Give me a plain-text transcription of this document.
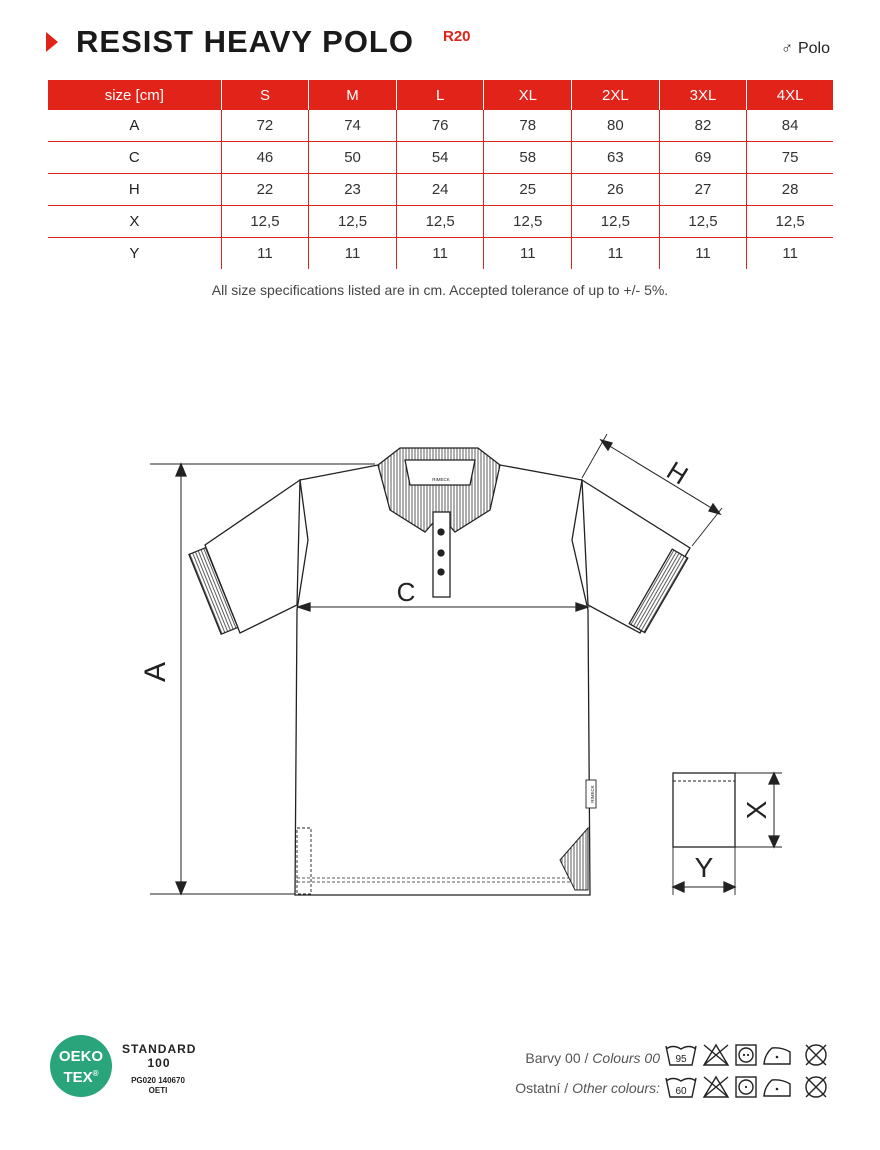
RESIST HEAVY POLO R20
♂ Polo
size [cm]	S	M	L	XL	2XL	3XL	4XL
A	72	74	76	78	80	82	84
C	46	50	54	58	63	69	75
H	22	23	24	25	26	27	28
X	12,5	12,5	12,5	12,5	12,5	12,5	12,5
Y	11	11	11	11	11	11	11
All size specifications listed are in cm. Accepted tolerance of up to +/- 5%.
RIMECK
RIMECK
A
C
H
X
Y
OEKO
TEX®
STANDARD
100
PG020 140670
OETI
Barvy 00 / Colours 00
Ostatní / Other colours:
95
60
